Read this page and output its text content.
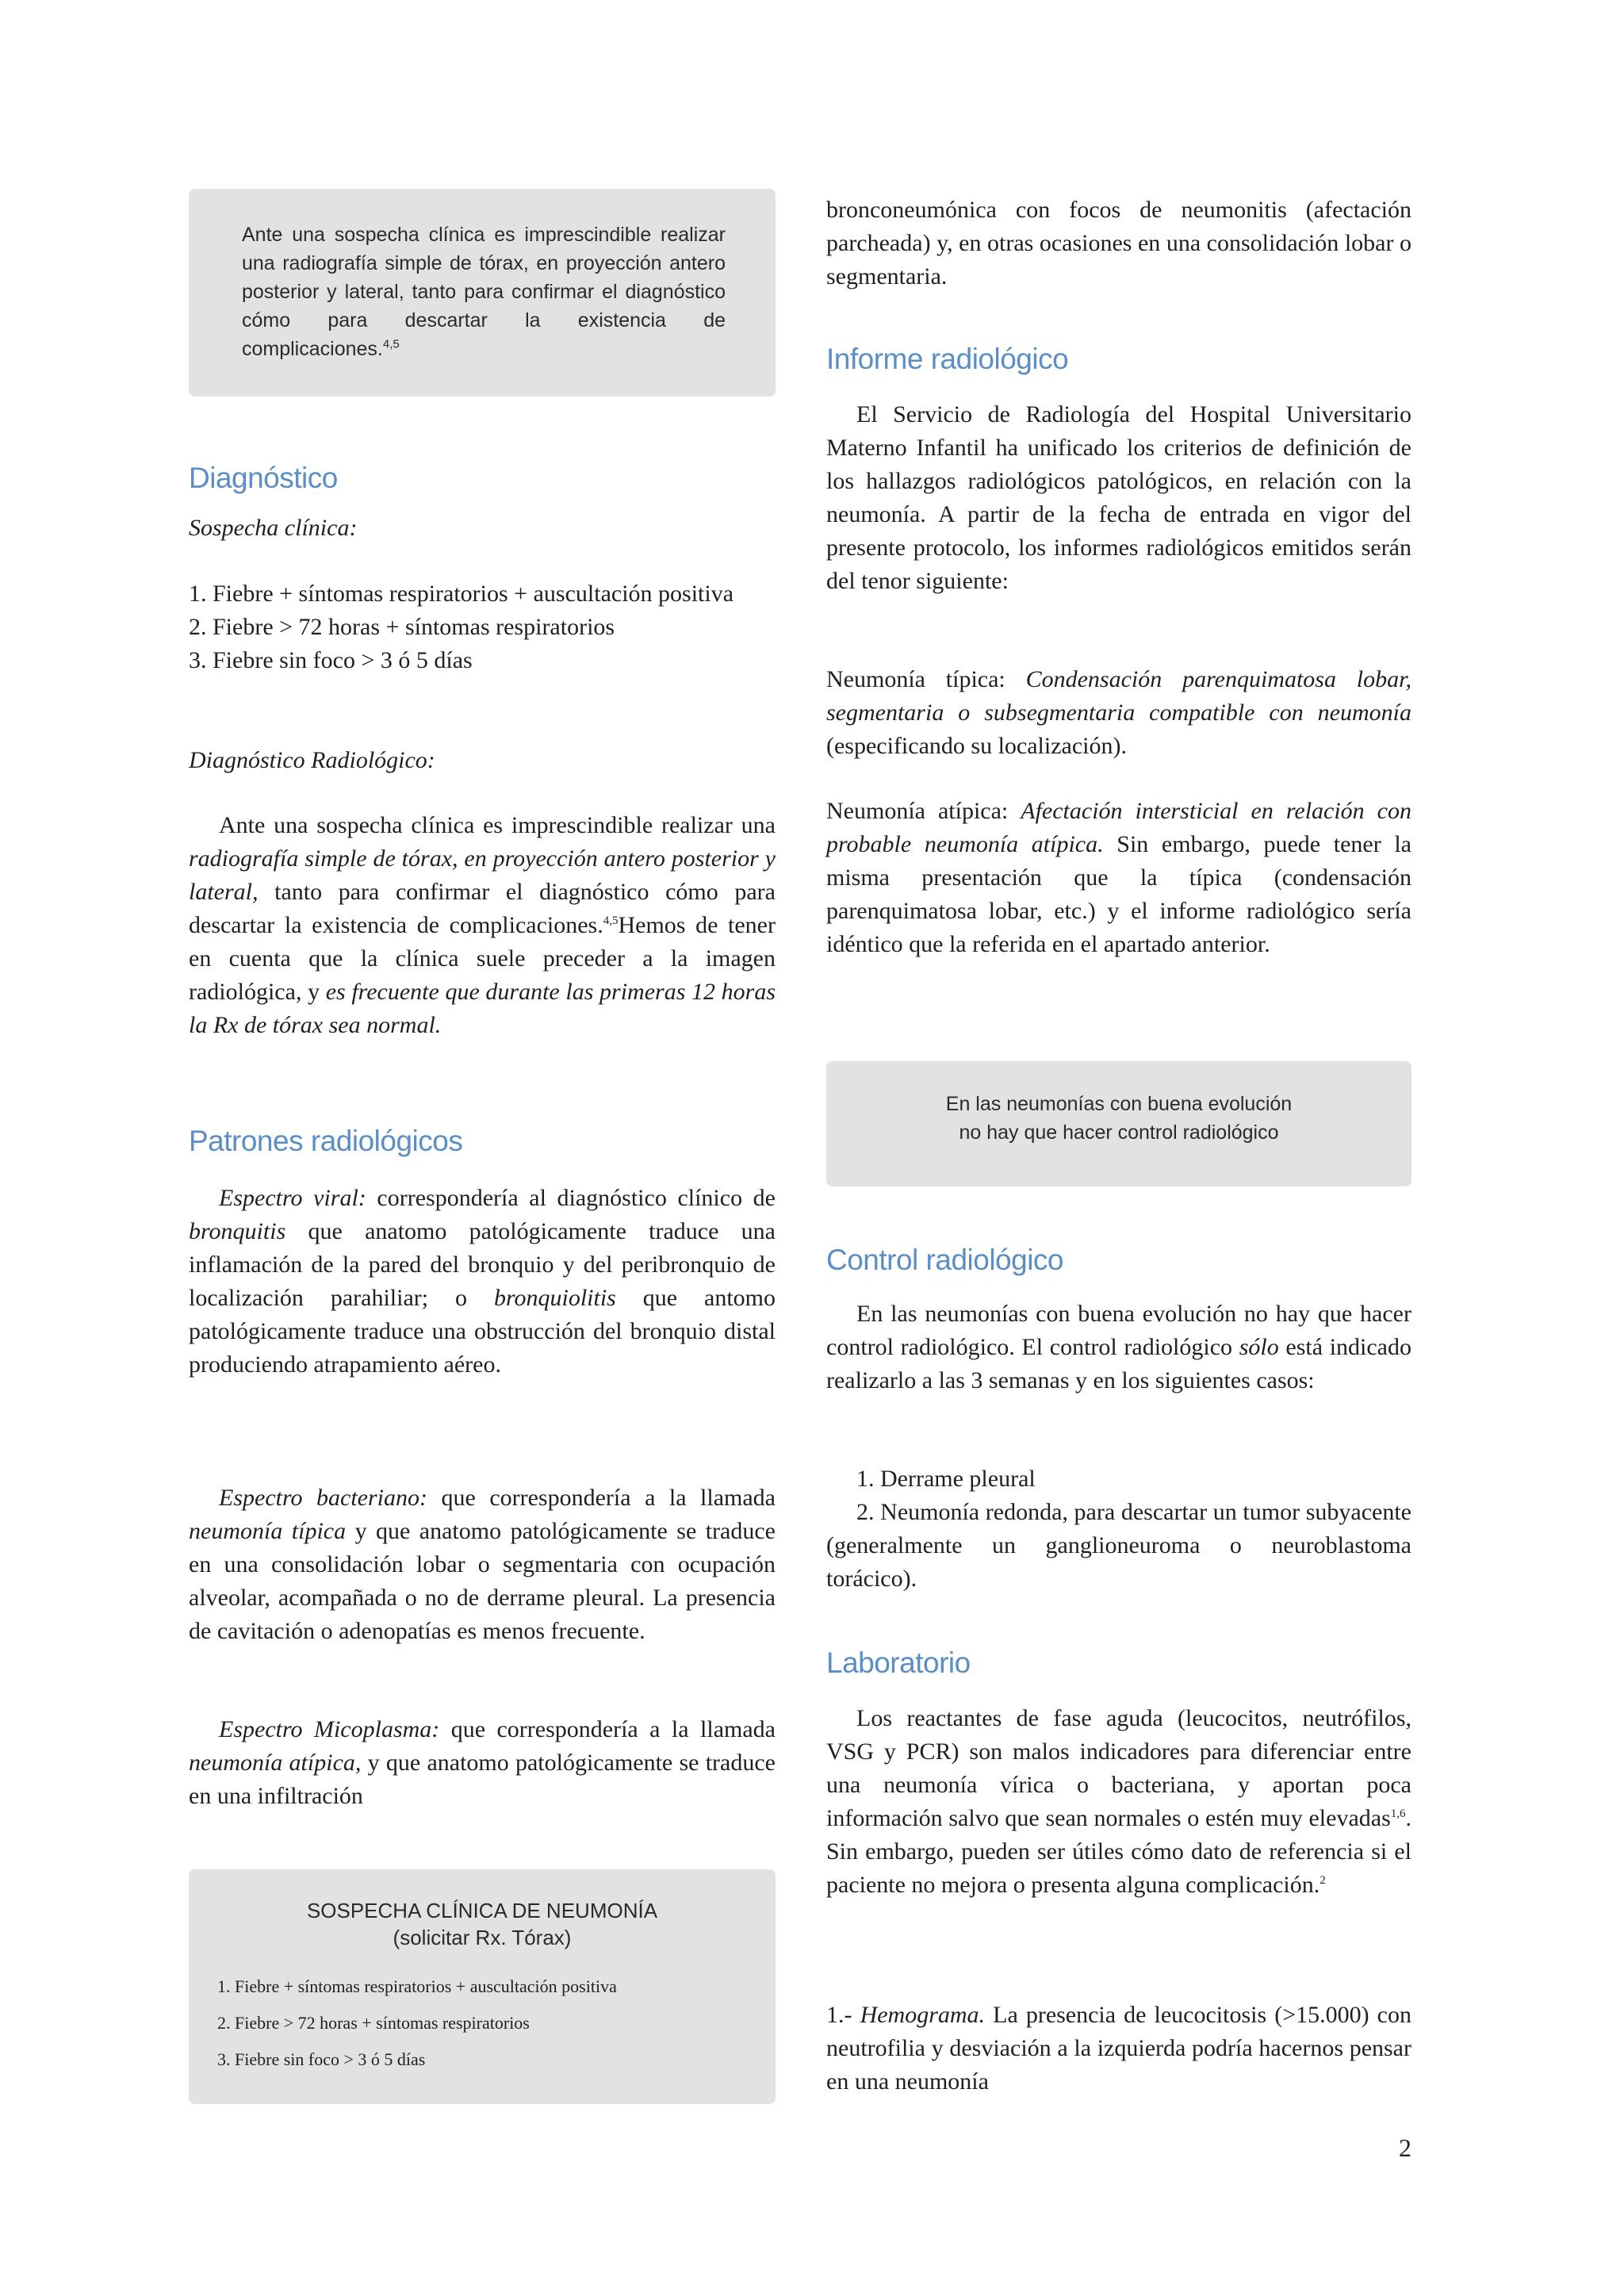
Ante una sospecha clínica es imprescindible realizar una radiografía simple de tórax, en proyección antero posterior y lateral, tanto para confirmar el diagnóstico cómo para descartar la existencia de complicaciones.$^{4,5}$
Diagnóstico

Sospecha clínica:

1. Fiebre + síntomas respiratorios + auscultación positiva

2. Fiebre > 72 horas + síntomas respiratorios

3. Fiebre sin foco > 3 ó 5 días

Diagnóstico Radiológico:

Ante una sospecha clínica es imprescindible realizar una radiografía simple de tórax, en proyección antero posterior y lateral, tanto para confirmar el diagnóstico cómo para descartar la existencia de complicaciones.$^{4,5}$Hemos de tener en cuenta que la clínica suele preceder a la imagen radiológica, y es frecuente que durante las primeras 12 horas la Rx de tórax sea normal.

Patrones radiológicos

Espectro viral: correspondería al diagnóstico clínico de bronquitis que anatomo patológicamente traduce una inflamación de la pared del bronquio y del peribronquio de localización parahiliar; o bronquiolitis que antomo patológicamente traduce una obstrucción del bronquio distal produciendo atrapamiento aéreo.

Espectro bacteriano: que correspondería a la llamada neumonía típica y que anatomo patológicamente se traduce en una consolidación lobar o segmentaria con ocupación alveolar, acompañada o no de derrame pleural. La presencia de cavitación o adenopatías es menos frecuente.

Espectro Micoplasma: que correspondería a la llamada neumonía atípica, y que anatomo patológicamente se traduce en una infiltración

SOSPECHA CLÍNICA DE NEUMONÍA
(solicitar Rx. Tórax)
1. Fiebre + síntomas respiratorios + auscultación positiva
2. Fiebre > 72 horas + síntomas respiratorios
3. Fiebre sin foco > 3 ó 5 días

bronconeumónica con focos de neumonitis (afectación parcheada) y, en otras ocasiones en una consolidación lobar o segmentaria.

Informe radiológico

El Servicio de Radiología del Hospital Universitario Materno Infantil ha unificado los criterios de definición de los hallazgos radiológicos patológicos, en relación con la neumonía. A partir de la fecha de entrada en vigor del presente protocolo, los informes radiológicos emitidos serán del tenor siguiente:

Neumonía típica: Condensación parenquimatosa lobar, segmentaria o subsegmentaria compatible con neumonía (especificando su localización).

Neumonía atípica: Afectación intersticial en relación con probable neumonía atípica. Sin embargo, puede tener la misma presentación que la típica (condensación parenquimatosa lobar, etc.) y el informe radiológico sería idéntico que la referida en el apartado anterior.

En las neumonías con buena evolución
no hay que hacer control radiológico
Control radiológico

En las neumonías con buena evolución no hay que hacer control radiológico. El control radiológico sólo está indicado realizarlo a las 3 semanas y en los siguientes casos:

1. Derrame pleural

2. Neumonía redonda, para descartar un tumor subyacente (generalmente un ganglioneuroma o neuroblastoma torácico).

Laboratorio

Los reactantes de fase aguda (leucocitos, neutrófilos, VSG y PCR) son malos indicadores para diferenciar entre una neumonía vírica o bacteriana, y aportan poca información salvo que sean normales o estén muy elevadas$^{1,6}$. Sin embargo, pueden ser útiles cómo dato de referencia si el paciente no mejora o presenta alguna complicación.$^2$

1.- Hemograma. La presencia de leucocitosis (>15.000) con neutrofilia y desviación a la izquierda podría hacernos pensar en una neumonía

2
